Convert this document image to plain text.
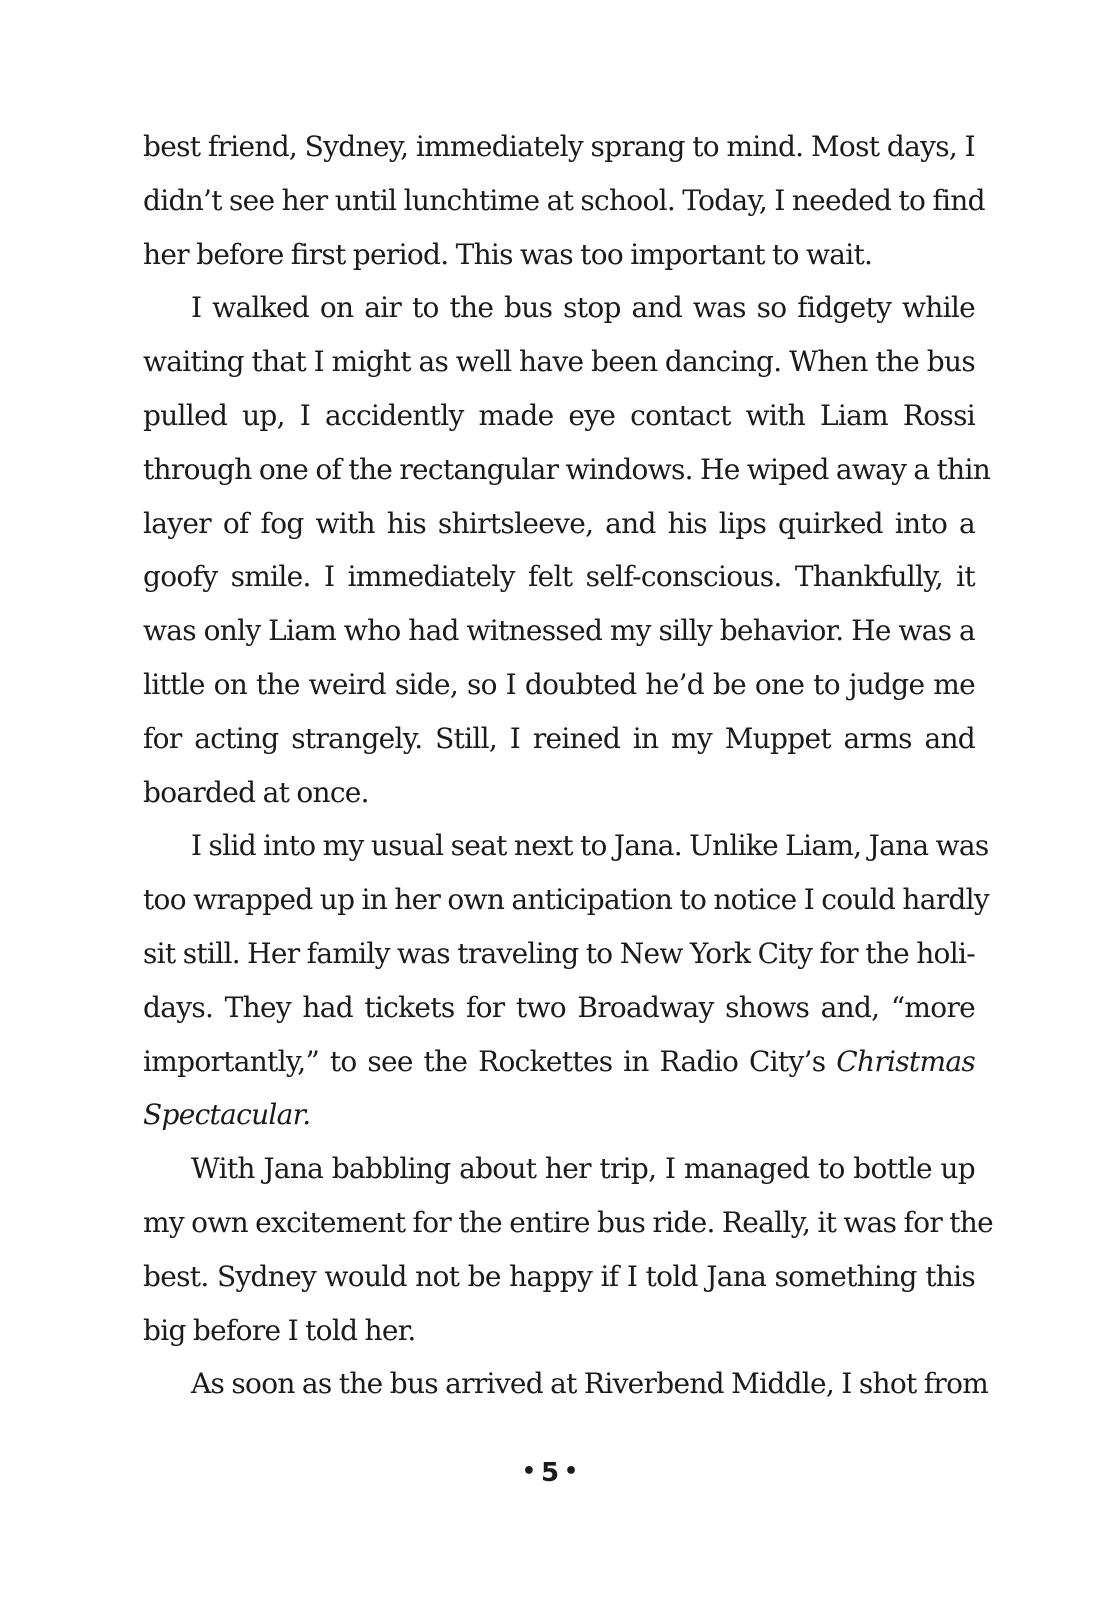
best friend, Sydney, immediately sprang to mind. Most days, I
didn’t see her until lunchtime at school. Today, I needed to find
her before first period. This was too important to wait.
I walked on air to the bus stop and was so fidgety while
waiting that I might as well have been dancing. When the bus
pulled up, I accidently made eye contact with Liam Rossi
through one of the rectangular windows. He wiped away a thin
layer of fog with his shirtsleeve, and his lips quirked into a
goofy smile. I immediately felt self-conscious. Thankfully, it
was only Liam who had witnessed my silly behavior. He was a
little on the weird side, so I doubted he’d be one to judge me
for acting strangely. Still, I reined in my Muppet arms and
boarded at once.
I slid into my usual seat next to Jana. Unlike Liam, Jana was
too wrapped up in her own anticipation to notice I could hardly
sit still. Her family was traveling to New York City for the holi-
days. They had tickets for two Broadway shows and, “more
importantly,” to see the Rockettes in Radio City’s Christmas
Spectacular.
With Jana babbling about her trip, I managed to bottle up
my own excitement for the entire bus ride. Really, it was for the
best. Sydney would not be happy if I told Jana something this
big before I told her.
As soon as the bus arrived at Riverbend Middle, I shot from
• 5 •
